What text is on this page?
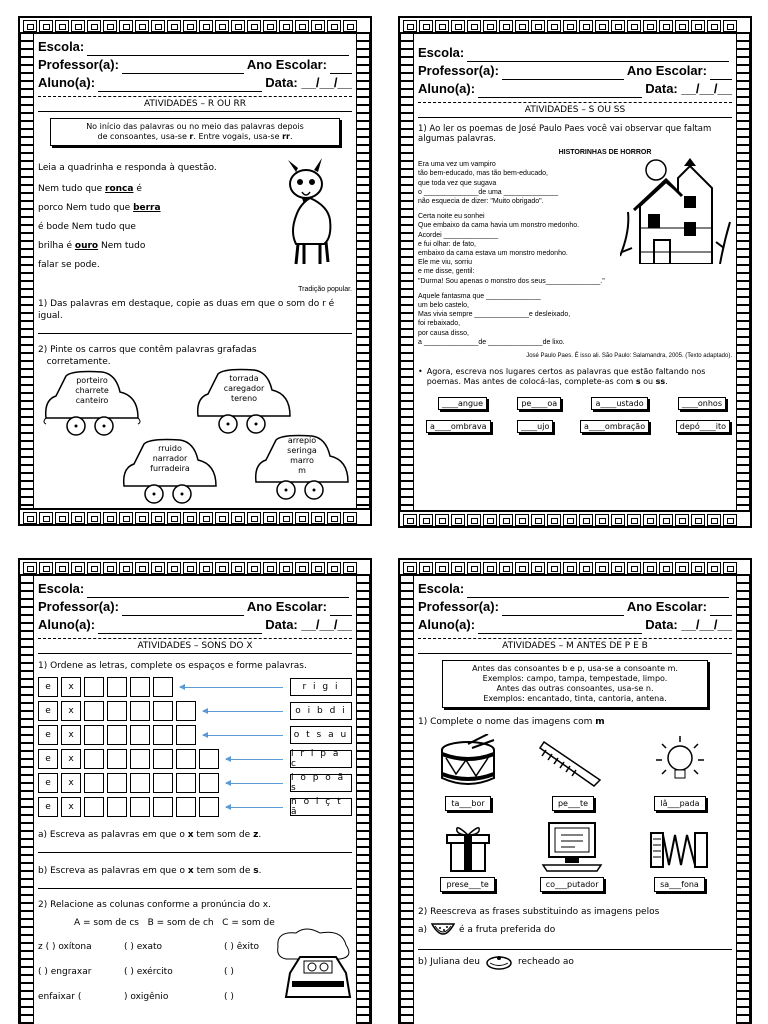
Escola:
Professor(a):	Ano Escolar:
Aluno(a):	Data:
__/__/__
ATIVIDADES – R OU RR
No início das palavras ou no meio das palavras depois
de consoantes, usa-se r. Entre vogais, usa-se rr.
Leia a quadrinha e responda à questão.
Nem tudo que ronca é
porco Nem tudo que berra
é bode Nem tudo que
brilha é ouro Nem tudo
falar se pode.
Tradição popular.
1) Das palavras em destaque, copie as duas em que o som do r é igual.
2) Pinte os carros que contêm palavras grafadas
corretamente.
porteiro
charrete
canteiro
torrada
caregador
tereno
rruido
narrador
furradeira
arrepio
seringa
marro
m
Escola:
Professor(a):	Ano Escolar:
Aluno(a):	Data:
__/__/__
ATIVIDADES – S OU SS
1) Ao ler os poemas de José Paulo Paes você vai observar que faltam algumas palavras.
HISTORINHAS DE HORROR
Era uma vez um vampiro
tão bem-educado, mas tão bem-educado,
que toda vez que sugava
o ______________de uma ______________
não esquecia de dizer: "Muito obrigado".
Certa noite eu sonhei
Que embaixo da cama havia um monstro medonho.
Acordei ______________
e fui olhar: de fato,
embaixo da cama estava um monstro medonho.
Ele me viu, sorriu
e me disse, gentil:
"Durma! Sou apenas o monstro dos seus______________."
Aquele fantasma que ______________
um belo castelo,
Mas vivia sempre ______________e desleixado,
foi rebaixado,
por causa disso,
a ______________de ______________de lixo.
José Paulo Paes. É isso ali. São Paulo: Salamandra, 2005. (Texto adaptado).
• Agora, escreva nos lugares certos as palavras que estão faltando nos poemas. Mas antes de colocá-las, complete-as com s ou ss.
____angue	pe____oa	a____ustado	____onhos
a____ombravа	____ujo	a____ombração	depó____ito
Escola:
Professor(a):	Ano Escolar:
Aluno(a):	Data:
__/__/__
ATIVIDADES – SONS DO X
1) Ordene as letras, complete os espaços e forme palavras.
e	x	r i g i
e	x	o i b d i
e	x	o t s a u
e	x	i r l p a c
e	x	l o p o ã s
e	x	n o i ç t ã
a) Escreva as palavras em que o x tem som de z.
b) Escreva as palavras em que o x tem som de s.
2) Relacione as colunas conforme a pronúncia do x.
A = som de cs   B = som de ch   C = som de
z ( ) oxítona	( ) exato	( ) êxito
( ) engraxar	( ) exército	( )
enfaixar (	) oxigênio	( )
Escola:
Professor(a):	Ano Escolar:
Aluno(a):	Data:
__/__/__
ATIVIDADES – M ANTES DE P E B
Antes das consoantes b e p, usa-se a consoante m.
Exemplos: campo, tampa, tempestade, limpo.
Antes das outras consoantes, usa-se n.
Exemplos: encantado, tinta, cantoria, antena.
1) Complete o nome das imagens com m
ta___bor	pe___te	lâ___pada
prese___te	co___putador	sa___fona
2) Reescreva as frases substituindo as imagens pelos
a)	é a fruta preferida do
b) Juliana deu	recheado ao
